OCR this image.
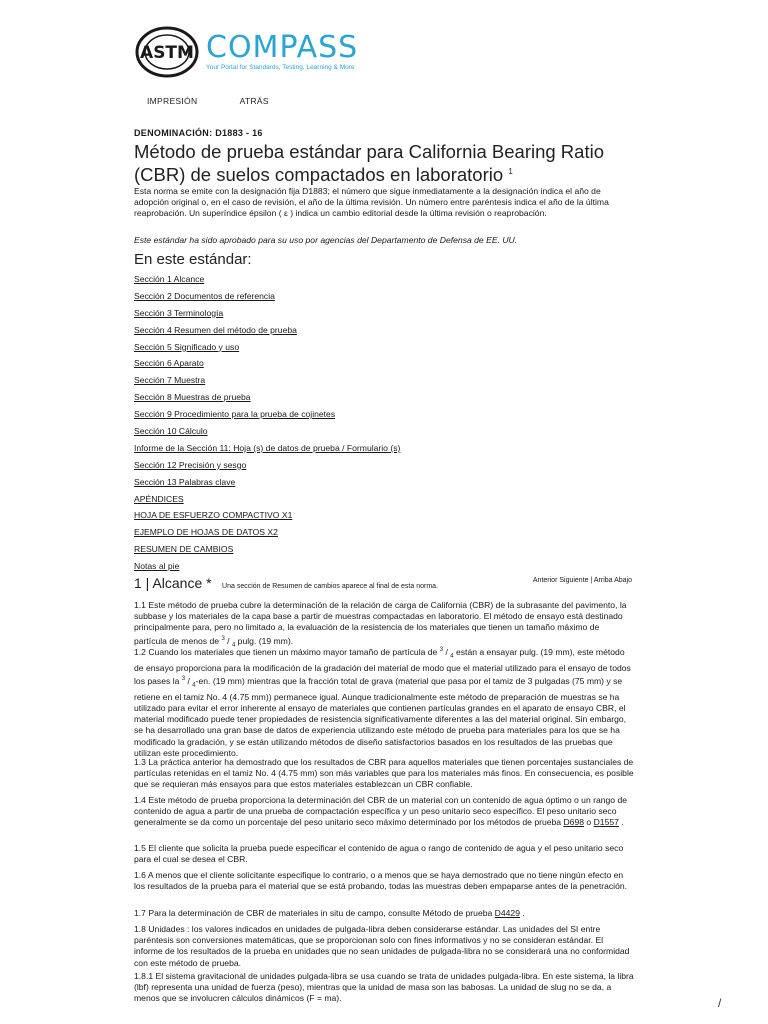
ASTM COMPASS
Your Portal for Standards, Testing, Learning & More
IMPRESIÓN	ATRÁS
DENOMINACIÓN: D1883 - 16
Método de prueba estándar para California Bearing Ratio (CBR) de suelos compactados en laboratorio $^1$

Esta norma se emite con la designación fija D1883; el número que sigue inmediatamente a la designación indica el año de adopción original o, en el caso de revisión, el año de la última revisión. Un número entre paréntesis indica el año de la última reaprobación. Un superíndice épsilon ( ε ) indica un cambio editorial desde la última revisión o reaprobación.

Este estándar ha sido aprobado para su uso por agencias del Departamento de Defensa de EE. UU.

En este estándar:
Sección 1 Alcance
Sección 2 Documentos de referencia
Sección 3 Terminología
Sección 4 Resumen del método de prueba
Sección 5 Significado y uso
Sección 6 Aparato
Sección 7 Muestra
Sección 8 Muestras de prueba
Sección 9 Procedimiento para la prueba de cojinetes
Sección 10 Cálculo
Informe de la Sección 11: Hoja (s) de datos de prueba / Formulario (s)
Sección 12 Precisión y sesgo
Sección 13 Palabras clave
APÉNDICES
HOJA DE ESFUERZO COMPACTIVO X1
EJEMPLO DE HOJAS DE DATOS X2
RESUMEN DE CAMBIOS
Notas al pie
1 | Alcance * Una sección de Resumen de cambios aparece al final de esta norma.
Anterior Siguiente | Arriba Abajo

1.1 Este método de prueba cubre la determinación de la relación de carga de California (CBR) de la subrasante del pavimento, la subbase y los materiales de la capa base a partir de muestras compactadas en laboratorio. El método de ensayo está destinado principalmente para, pero no limitado a, la evaluación de la resistencia de los materiales que tienen un tamaño máximo de partícula de menos de $^3$ / $_4$ pulg. (19 mm).

1.2 Cuando los materiales que tienen un máximo mayor tamaño de partícula de $^3$ / $_4$ están a ensayar pulg. (19 mm), este método de ensayo proporciona para la modificación de la gradación del material de modo que el material utilizado para el ensayo de todos los pases la $^3$ / $_4$-en. (19 mm) mientras que la fracción total de grava (material que pasa por el tamiz de 3 pulgadas (75 mm) y se retiene en el tamiz No. 4 (4.75 mm)) permanece igual. Aunque tradicionalmente este método de preparación de muestras se ha utilizado para evitar el error inherente al ensayo de materiales que contienen partículas grandes en el aparato de ensayo CBR, el material modificado puede tener propiedades de resistencia significativamente diferentes a las del material original. Sin embargo, se ha desarrollado una gran base de datos de experiencia utilizando este método de prueba para materiales para los que se ha modificado la gradación, y se están utilizando métodos de diseño satisfactorios basados en los resultados de las pruebas que utilizan este procedimiento.

1.3 La práctica anterior ha demostrado que los resultados de CBR para aquellos materiales que tienen porcentajes sustanciales de partículas retenidas en el tamiz No. 4 (4.75 mm) son más variables que para los materiales más finos. En consecuencia, es posible que se requieran más ensayos para que estos materiales establezcan un CBR confiable.

1.4 Este método de prueba proporciona la determinación del CBR de un material con un contenido de agua óptimo o un rango de contenido de agua a partir de una prueba de compactación específica y un peso unitario seco específico. El peso unitario seco generalmente se da como un porcentaje del peso unitario seco máximo determinado por los métodos de prueba D698 o D1557 .

1.5 El cliente que solicita la prueba puede especificar el contenido de agua o rango de contenido de agua y el peso unitario seco para el cual se desea el CBR.

1.6 A menos que el cliente solicitante especifique lo contrario, o a menos que se haya demostrado que no tiene ningún efecto en los resultados de la prueba para el material que se está probando, todas las muestras deben empaparse antes de la penetración.

1.7 Para la determinación de CBR de materiales in situ de campo, consulte Método de prueba D4429 .

1.8 Unidades : los valores indicados en unidades de pulgada-libra deben considerarse estándar. Las unidades del SI entre paréntesis son conversiones matemáticas, que se proporcionan solo con fines informativos y no se consideran estándar. El informe de los resultados de la prueba en unidades que no sean unidades de pulgada-libra no se considerará una no conformidad con este método de prueba.

1.8.1 El sistema gravitacional de unidades pulgada-libra se usa cuando se trata de unidades pulgada-libra. En este sistema, la libra (lbf) representa una unidad de fuerza (peso), mientras que la unidad de masa son las babosas. La unidad de slug no se da, a menos que se involucren cálculos dinámicos (F = ma).	/
